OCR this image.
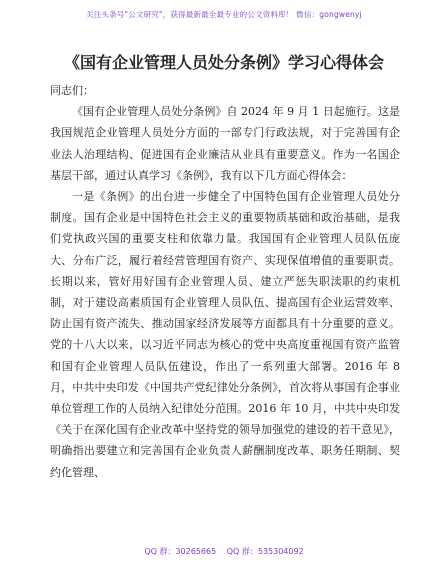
关注头条号"公文研究"，获得最新最全最专业的公文资料库！ 微信：gongwenyj
《国有企业管理人员处分条例》学习心得体会

同志们：

《国有企业管理人员处分条例》自 2024 年 9 月 1 日起施行。这是我国规范企业管理人员处分方面的一部专门行政法规，对于完善国有企业法人治理结构、促进国有企业廉洁从业具有重要意义。作为一名国企基层干部，通过认真学习《条例》，我有以下几方面心得体会：

一是《条例》的出台进一步健全了中国特色国有企业管理人员处分制度。国有企业是中国特色社会主义的重要物质基础和政治基础，是我们党执政兴国的重要支柱和依靠力量。我国国有企业管理人员队伍庞大、分布广泛，履行着经营管理国有资产、实现保值增值的重要职责。长期以来，管好用好国有企业管理人员、建立严惩失职渎职的约束机制，对于建设高素质国有企业管理人员队伍、提高国有企业运营效率、防止国有资产流失、推动国家经济发展等方面都具有十分重要的意义。党的十八大以来，以习近平同志为核心的党中央高度重视国有资产监管和国有企业管理人员队伍建设，作出了一系列重大部署。2016 年 8 月，中共中央印发《中国共产党纪律处分条例》，首次将从事国有企事业单位管理工作的人员纳入纪律处分范围。2016 年 10 月，中共中央印发《关于在深化国有企业改革中坚持党的领导加强党的建设的若干意见》，明确指出要建立和完善国有企业负责人薪酬制度改革、职务任期制、契约化管理、

QQ 群：30265665 QQ 群：535304092
